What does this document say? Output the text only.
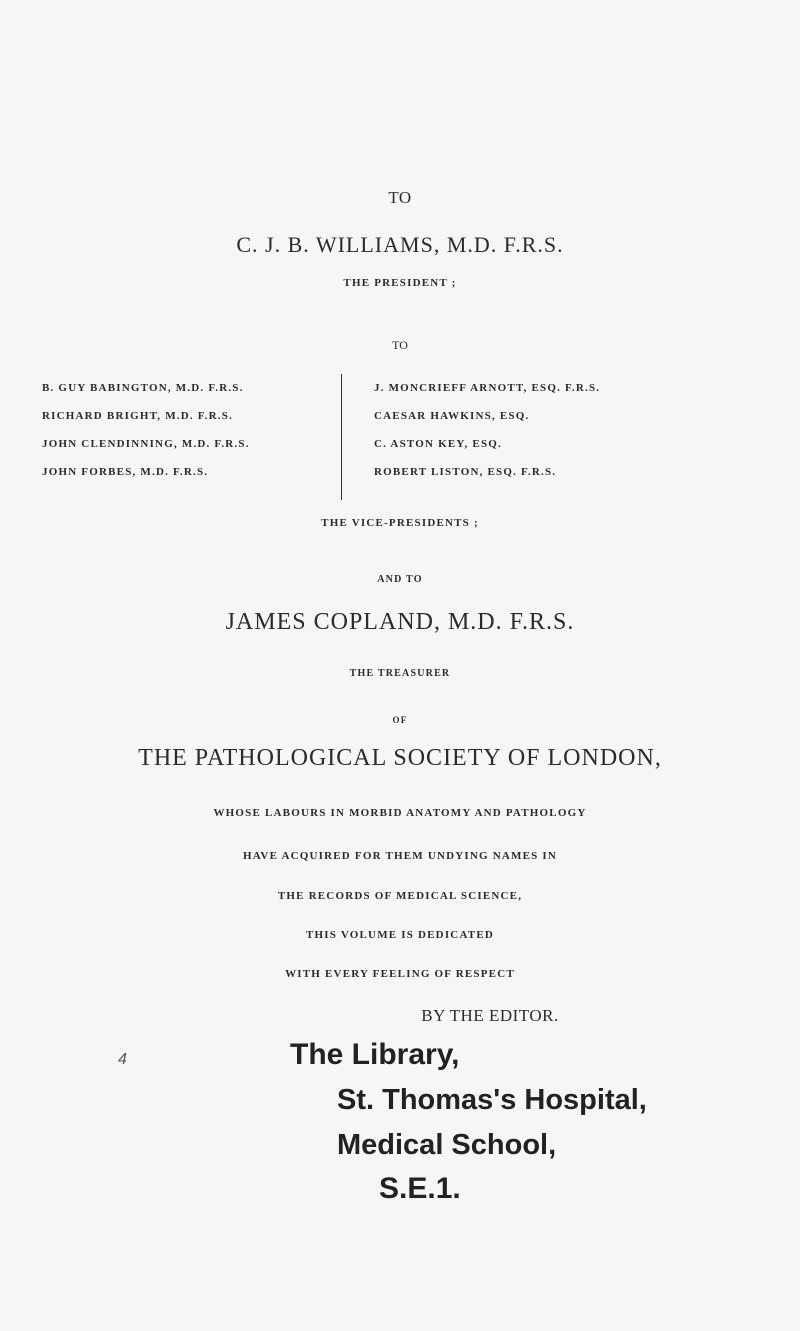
TO
C. J. B. WILLIAMS, M.D. F.R.S.
THE PRESIDENT ;
TO
B. GUY BABINGTON, M.D. F.R.S.
RICHARD BRIGHT, M.D. F.R.S.
JOHN CLENDINNING, M.D. F.R.S.
JOHN FORBES, M.D. F.R.S.
J. MONCRIEFF ARNOTT, ESQ. F.R.S.
CAESAR HAWKINS, ESQ.
C. ASTON KEY, ESQ.
ROBERT LISTON, ESQ. F.R.S.
THE VICE-PRESIDENTS ;
AND TO
JAMES COPLAND, M.D. F.R.S.
THE TREASURER
OF
THE PATHOLOGICAL SOCIETY OF LONDON,
WHOSE LABOURS IN MORBID ANATOMY AND PATHOLOGY
HAVE ACQUIRED FOR THEM UNDYING NAMES IN
THE RECORDS OF MEDICAL SCIENCE,
THIS VOLUME IS DEDICATED
WITH EVERY FEELING OF RESPECT
BY THE EDITOR.
The Library,
St. Thomas's Hospital,
Medical School,
S.E.1.
4
